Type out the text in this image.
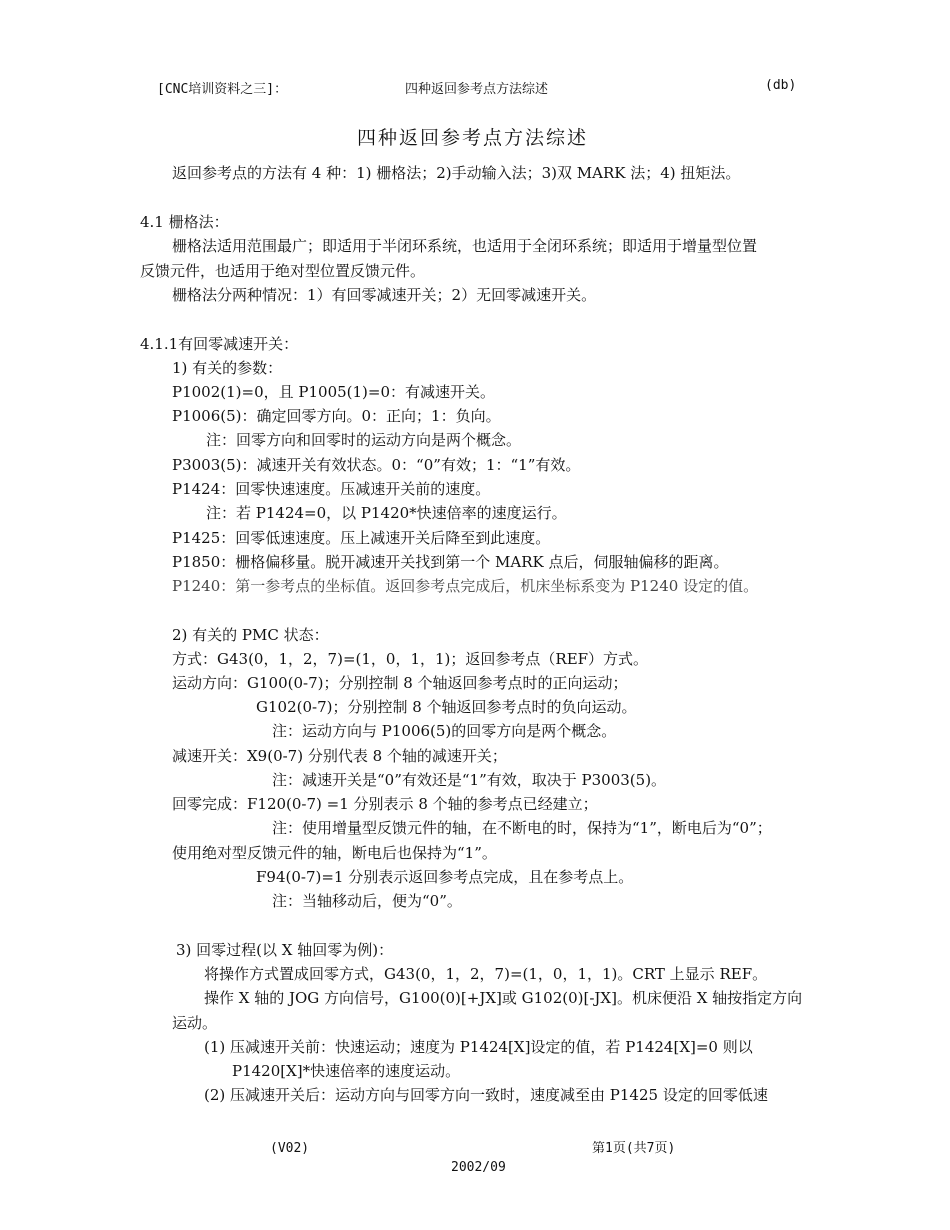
[CNC培训资料之三]：	四种返回参考点方法综述	(db)
四种返回参考点方法综述
返回参考点的方法有 4 种：1) 栅格法；2)手动输入法；3)双 MARK 法；4) 扭矩法。
4.1 栅格法：
栅格法适用范围最广；即适用于半闭环系统，也适用于全闭环系统；即适用于增量型位置
反馈元件，也适用于绝对型位置反馈元件。
栅格法分两种情况：1）有回零减速开关；2）无回零减速开关。
4.1.1有回零减速开关：
1) 有关的参数：
P1002(1)=0，且 P1005(1)=0：有减速开关。
P1006(5)：确定回零方向。0：正向；1：负向。
注：回零方向和回零时的运动方向是两个概念。
P3003(5)：减速开关有效状态。0：“0”有效；1：“1”有效。
P1424：回零快速速度。压减速开关前的速度。
注：若 P1424=0，以 P1420*快速倍率的速度运行。
P1425：回零低速速度。压上减速开关后降至到此速度。
P1850：栅格偏移量。脱开减速开关找到第一个 MARK 点后，伺服轴偏移的距离。
P1240：第一参考点的坐标值。返回参考点完成后，机床坐标系变为 P1240 设定的值。
2) 有关的 PMC 状态：
方式：G43(0，1，2，7)=(1，0，1，1)；返回参考点（REF）方式。
运动方向：G100(0-7)；分别控制 8 个轴返回参考点时的正向运动；
G102(0-7)；分别控制 8 个轴返回参考点时的负向运动。
注：运动方向与 P1006(5)的回零方向是两个概念。
减速开关：X9(0-7) 分别代表 8 个轴的减速开关；
注：减速开关是“0”有效还是“1”有效，取决于 P3003(5)。
回零完成：F120(0-7) =1 分别表示 8 个轴的参考点已经建立；
注：使用增量型反馈元件的轴，在不断电的时，保持为“1”，断电后为“0”；
使用绝对型反馈元件的轴，断电后也保持为“1”。
F94(0-7)=1 分别表示返回参考点完成，且在参考点上。
注：当轴移动后，便为“0”。
3) 回零过程(以 X 轴回零为例)：
将操作方式置成回零方式，G43(0，1，2，7)=(1，0，1，1)。CRT 上显示 REF。
操作 X 轴的 JOG 方向信号，G100(0)[+JX]或 G102(0)[-JX]。机床便沿 X 轴按指定方向
运动。
(1) 压减速开关前：快速运动；速度为 P1424[X]设定的值，若 P1424[X]=0 则以
P1420[X]*快速倍率的速度运动。
(2) 压减速开关后：运动方向与回零方向一致时，速度减至由 P1425 设定的回零低速
(V02)	第1页(共7页)
2002/09
